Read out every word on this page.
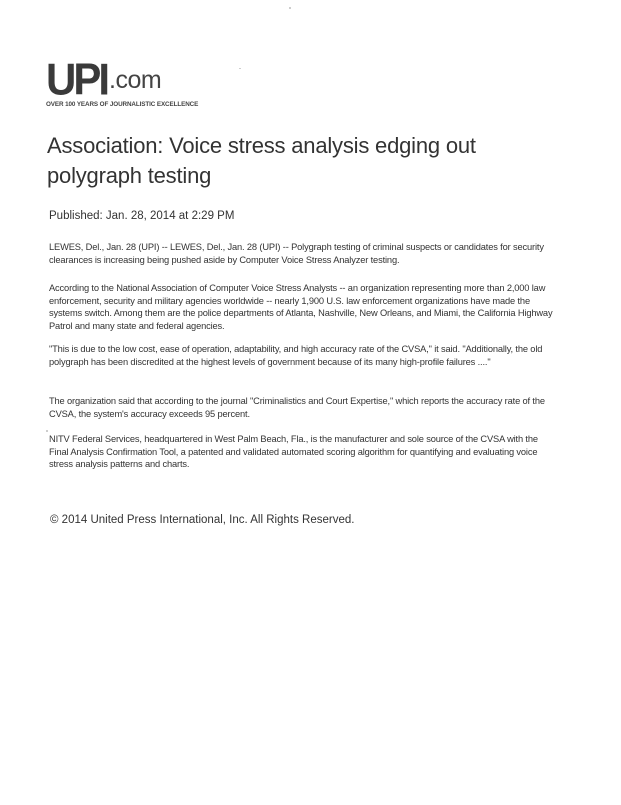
UPI.com
OVER 100 YEARS OF JOURNALISTIC EXCELLENCE
Association: Voice stress analysis edging out polygraph testing
Published: Jan. 28, 2014 at 2:29 PM

LEWES, Del., Jan. 28 (UPI) -- LEWES, Del., Jan. 28 (UPI) -- Polygraph testing of criminal suspects or candidates for security clearances is increasing being pushed aside by Computer Voice Stress Analyzer testing.

According to the National Association of Computer Voice Stress Analysts -- an organization representing more than 2,000 law enforcement, security and military agencies worldwide -- nearly 1,900 U.S. law enforcement organizations have made the systems switch. Among them are the police departments of Atlanta, Nashville, New Orleans, and Miami, the California Highway Patrol and many state and federal agencies.

"This is due to the low cost, ease of operation, adaptability, and high accuracy rate of the CVSA," it said. "Additionally, the old polygraph has been discredited at the highest levels of government because of its many high-profile failures ...."

The organization said that according to the journal "Criminalistics and Court Expertise," which reports the accuracy rate of the CVSA, the system's accuracy exceeds 95 percent.

NITV Federal Services, headquartered in West Palm Beach, Fla., is the manufacturer and sole source of the CVSA with the Final Analysis Confirmation Tool, a patented and validated automated scoring algorithm for quantifying and evaluating voice stress analysis patterns and charts.

© 2014 United Press International, Inc. All Rights Reserved.
